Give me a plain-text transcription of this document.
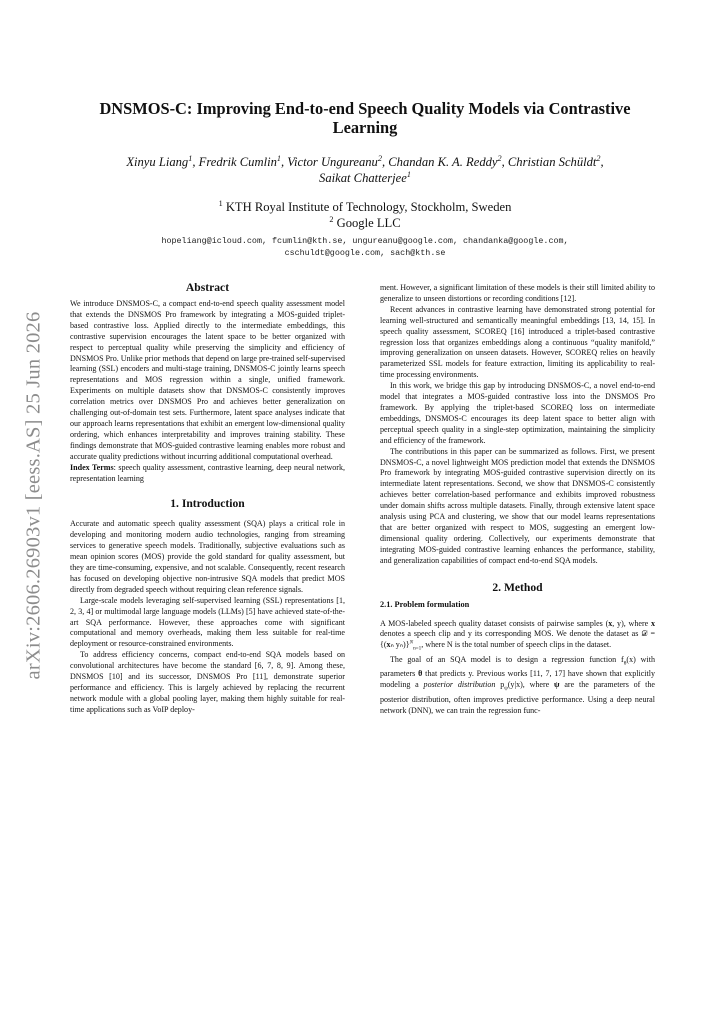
arXiv:2606.26903v1 [eess.AS] 25 Jun 2026
DNSMOS-C: Improving End-to-end Speech Quality Models via Contrastive Learning
Xinyu Liang$^1$, Fredrik Cumlin$^1$, Victor Ungureanu$^2$, Chandan K. A. Reddy$^2$, Christian Schüldt$^2$,
Saikat Chatterjee$^1$
$^1$ KTH Royal Institute of Technology, Stockholm, Sweden
$^2$ Google LLC
hopeliang@icloud.com, fcumlin@kth.se, ungureanu@google.com, chandanka@google.com,
cschuldt@google.com, sach@kth.se

Abstract

We introduce DNSMOS-C, a compact end-to-end speech quality assessment model that extends the DNSMOS Pro framework by integrating a MOS-guided triplet-based contrastive loss. Applied directly to the intermediate embeddings, this contrastive supervision encourages the latent space to be better organized with respect to perceptual quality while preserving the simplicity and efficiency of DNSMOS Pro. Unlike prior methods that depend on large pre-trained self-supervised learning (SSL) encoders and multi-stage training, DNSMOS-C jointly learns speech representations and MOS regression within a single, unified framework. Experiments on multiple datasets show that DNSMOS-C consistently improves correlation metrics over DNSMOS Pro and achieves better generalization on challenging out-of-domain test sets. Furthermore, latent space analyses indicate that our approach learns representations that exhibit an emergent low-dimensional quality ordering, which enhances interpretability and improves training stability. These findings demonstrate that MOS-guided contrastive learning enables more robust and accurate quality predictions without incurring additional computational overhead.

Index Terms: speech quality assessment, contrastive learning, deep neural network, representation learning

1. Introduction

Accurate and automatic speech quality assessment (SQA) plays a critical role in developing and monitoring modern audio technologies, ranging from streaming services to generative speech models. Traditionally, subjective evaluations such as mean opinion scores (MOS) provide the gold standard for quality assessment, but they are time-consuming, expensive, and not scalable. Consequently, recent research has focused on developing objective non-intrusive SQA models that predict MOS directly from degraded speech without requiring clean reference signals.

Large-scale models leveraging self-supervised learning (SSL) representations [1, 2, 3, 4] or multimodal large language models (LLMs) [5] have achieved state-of-the-art SQA performance. However, these approaches come with significant computational and memory overheads, making them less suitable for real-time deployment or resource-constrained environments.

To address efficiency concerns, compact end-to-end SQA models based on convolutional architectures have become the standard [6, 7, 8, 9]. Among these, DNSMOS [10] and its successor, DNSMOS Pro [11], demonstrate superior performance and efficiency. This is largely achieved by replacing the recurrent network module with a global pooling layer, making them highly suitable for real-time applications such as VoIP deploy-

ment. However, a significant limitation of these models is their still limited ability to generalize to unseen distortions or recording conditions [12].

Recent advances in contrastive learning have demonstrated strong potential for learning well-structured and semantically meaningful embeddings [13, 14, 15]. In speech quality assessment, SCOREQ [16] introduced a triplet-based contrastive regression loss that organizes embeddings along a continuous “quality manifold,” improving generalization on unseen datasets. However, SCOREQ relies on heavily parameterized SSL models for feature extraction, limiting its applicability to real-time processing environments.

In this work, we bridge this gap by introducing DNSMOS-C, a novel end-to-end model that integrates a MOS-guided contrastive loss into the DNSMOS Pro framework. By applying the triplet-based SCOREQ loss on intermediate embeddings, DNSMOS-C encourages its deep latent space to better align with perceptual speech quality in a single-step optimization, maintaining the simplicity and efficiency of the framework.

The contributions in this paper can be summarized as follows. First, we present DNSMOS-C, a novel lightweight MOS prediction model that extends the DNSMOS Pro framework by integrating MOS-guided contrastive supervision directly on its intermediate latent representations. Second, we show that DNSMOS-C consistently achieves better correlation-based performance and exhibits improved robustness under domain shifts across multiple datasets. Finally, through extensive latent space analysis using PCA and clustering, we show that our model learns representations that are better organized with respect to MOS, suggesting an emergent low-dimensional quality ordering. Collectively, our experiments demonstrate that integrating MOS-guided contrastive learning enhances the performance, stability, and generalization capabilities of compact end-to-end SQA models.

2. Method

2.1. Problem formulation

A MOS-labeled speech quality dataset consists of pairwise samples (x, y), where x denotes a speech clip and y its corresponding MOS. We denote the dataset as 𝒟 = {(xₙ yₙ)}$^N_{n=1}$, where N is the total number of speech clips in the dataset.

The goal of an SQA model is to design a regression function $f_\theta(x)$ with parameters θ that predicts y. Previous works [11, 7, 17] have shown that explicitly modeling a posterior distribution $p_\psi(y|x)$, where ψ are the parameters of the posterior distribution, often improves predictive performance. Using a deep neural network (DNN), we can train the regression func-
